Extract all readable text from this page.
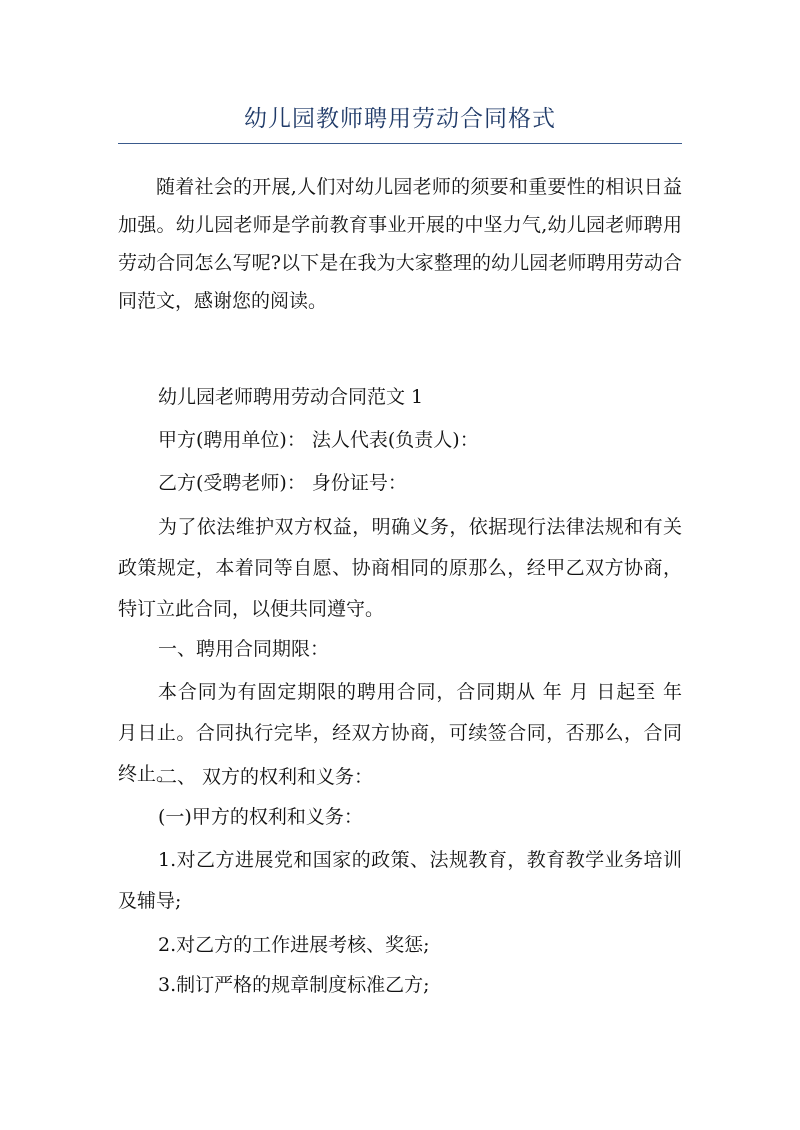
幼儿园教师聘用劳动合同格式
随着社会的开展,人们对幼儿园老师的须要和重要性的相识日益加强。幼儿园老师是学前教育事业开展的中坚力气,幼儿园老师聘用劳动合同怎么写呢?以下是在我为大家整理的幼儿园老师聘用劳动合同范文，感谢您的阅读。
幼儿园老师聘用劳动合同范文 1
甲方(聘用单位)： 法人代表(负责人)：
乙方(受聘老师)： 身份证号：
为了依法维护双方权益，明确义务，依据现行法律法规和有关政策规定，本着同等自愿、协商相同的原那么，经甲乙双方协商，特订立此合同，以便共同遵守。
一、聘用合同期限：
本合同为有固定期限的聘用合同，合同期从 年 月 日起至 年 月日止。合同执行完毕，经双方协商，可续签合同，否那么，合同终止。
二、 双方的权利和义务：
(一)甲方的权利和义务：
1.对乙方进展党和国家的政策、法规教育，教育教学业务培训及辅导;
2.对乙方的工作进展考核、奖惩;
3.制订严格的规章制度标准乙方;
